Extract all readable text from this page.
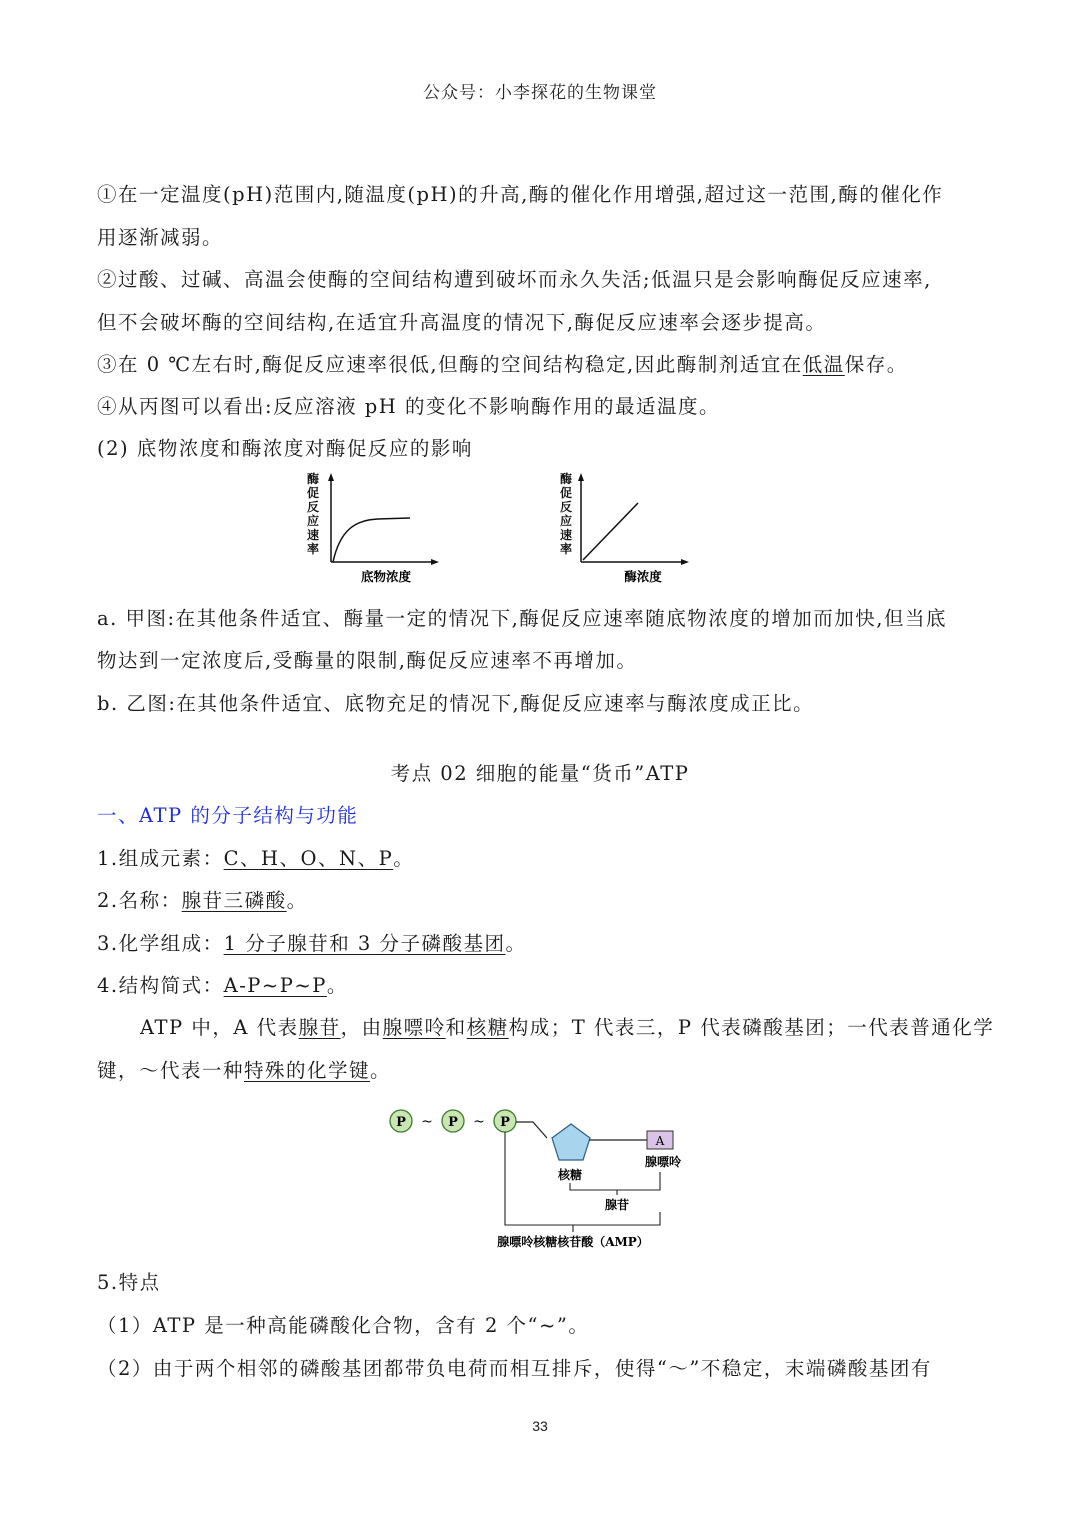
公众号：小李探花的生物课堂
①在一定温度(pH)范围内,随温度(pH)的升高,酶的催化作用增强,超过这一范围,酶的催化作
用逐渐减弱。
②过酸、过碱、高温会使酶的空间结构遭到破坏而永久失活;低温只是会影响酶促反应速率,
但不会破坏酶的空间结构,在适宜升高温度的情况下,酶促反应速率会逐步提高。
③在 0 ℃左右时,酶促反应速率很低,但酶的空间结构稳定,因此酶制剂适宜在低温保存。
④从丙图可以看出:反应溶液 pH 的变化不影响酶作用的最适温度。
(2) 底物浓度和酶浓度对酶促反应的影响
酶
促
反
应
速
率
底物浓度
酶
促
反
应
速
率
酶浓度
a. 甲图:在其他条件适宜、酶量一定的情况下,酶促反应速率随底物浓度的增加而加快,但当底
物达到一定浓度后,受酶量的限制,酶促反应速率不再增加。
b. 乙图:在其他条件适宜、底物充足的情况下,酶促反应速率与酶浓度成正比。
考点 02 细胞的能量“货币”ATP
一、ATP 的分子结构与功能
1.组成元素：C、H、O、N、P。
2.名称：腺苷三磷酸。
3.化学组成：1 分子腺苷和 3 分子磷酸基团。
4.结构简式：A-P~P~P。
ATP 中，A 代表腺苷，由腺嘌呤和核糖构成；T 代表三，P 代表磷酸基团；一代表普通化学
键，～代表一种特殊的化学键。
P ~ P ~ P
A
核糖
腺嘌呤
腺苷
腺嘌呤核糖核苷酸（AMP）
5.特点
（1）ATP 是一种高能磷酸化合物，含有 2 个“~”。
（2）由于两个相邻的磷酸基团都带负电荷而相互排斥，使得“～”不稳定，末端磷酸基团有
33
